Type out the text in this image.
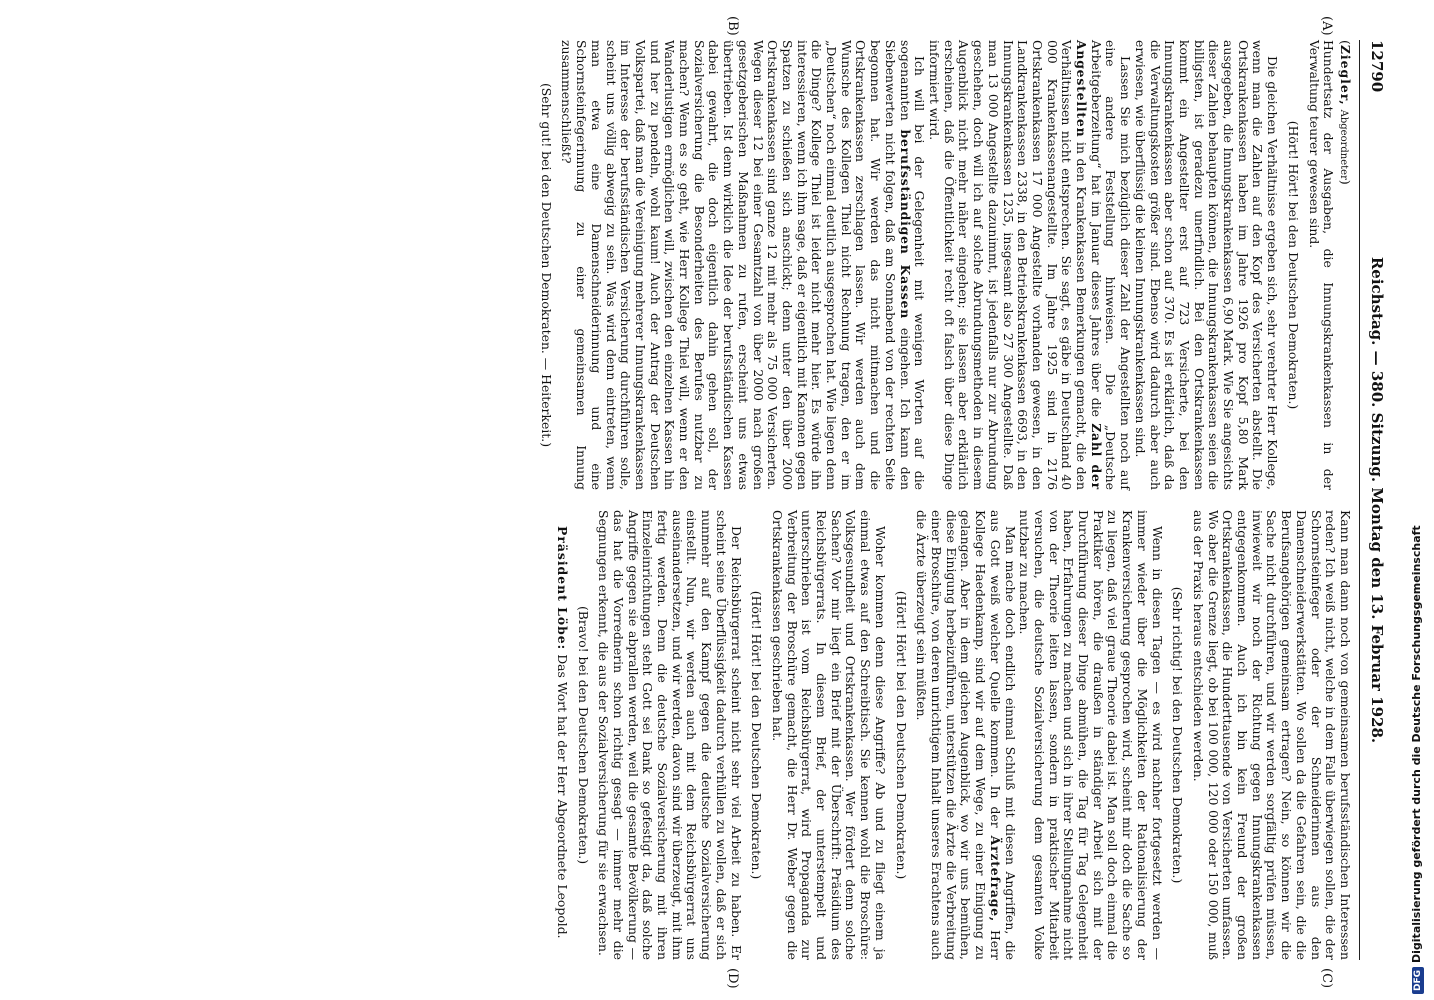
12790
Reichstag. — 380. Sitzung. Montag den 13. Februar 1928.
(A)
(B)
(C)
(D)

(Ziegler, Abgeordneter)

Hundertsatz der Ausgaben, die Innungskrankenkassen in der Verwaltung teurer gewesen sind.

(Hört! Hört! bei den Deutschen Demokraten.)

Die gleichen Verhältnisse ergeben sich, sehr verehrter Herr Kollege, wenn man die Zahlen auf den Kopf des Versicherten abstellt. Die Ortskrankenkassen haben im Jahre 1926 pro Kopf 5,80 Mark ausgegeben, die Innungskrankenkassen 6,90 Mark. Wie Sie angesichts dieser Zahlen behaupten können, die Innungskrankenkassen seien die billigsten, ist geradezu unerfindlich. Bei den Ortskrankenkassen kommt ein Angestellter erst auf 723 Versicherte, bei den Innungskrankenkassen aber schon auf 370. Es ist erklärlich, daß da die Verwaltungskosten größer sind. Ebenso wird dadurch aber auch erwiesen, wie überflüssig die kleinen Innungskrankenkassen sind.

Lassen Sie mich bezüglich dieser Zahl der Angestellten noch auf eine andere Feststellung hinweisen. Die „Deutsche Arbeitgeberzeitung“ hat im Januar dieses Jahres über die Zahl der Angestellten in den Krankenkassen Bemerkungen gemacht, die den Verhältnissen nicht entsprechen. Sie sagt, es gäbe in Deutschland 40 000 Krankenkassenangestellte. Im Jahre 1925 sind in 2176 Ortskrankenkassen 17 000 Angestellte vorhanden gewesen, in den Landkrankenkassen 2338, in den Betriebskrankenkassen 6693, in den Innungskrankenkassen 1235, insgesamt also 27 300 Angestellte. Daß man 13 000 Angestellte dazunimmt, ist jedenfalls nur zur Abrundung geschehen, doch will ich auf solche Abrundungsmethoden in diesem Augenblick nicht mehr näher eingehen; sie lassen aber erklärlich erscheinen, daß die Öffentlichkeit recht oft falsch über diese Dinge informiert wird.

Ich will bei der Gelegenheit mit wenigen Worten auf die sogenannten berufsständigen Kassen eingehen. Ich kann den Siebenwerten nicht folgen, daß am Sonnabend von der rechten Seite begonnen hat. Wir werden das nicht mitmachen und die Ortskrankenkassen zerschlagen lassen. Wir werden auch dem Wunsche des Kollegen Thiel nicht Rechnung tragen, den er im „Deutschen“ noch einmal deutlich ausgesprochen hat. Wie liegen denn die Dinge? Kollege Thiel ist leider nicht mehr hier. Es würde ihn interessieren, wenn ich ihm sage, daß er eigentlich mit Kanonen gegen Spatzen zu schießen sich anschickt; denn unter den über 2000 Ortskrankenkassen sind ganze 12 mit mehr als 75 000 Versicherten. Wegen dieser 12 bei einer Gesamtzahl von über 2000 nach großen gesetzgeberischen Maßnahmen zu rufen, erscheint uns etwas übertrieben. Ist denn wirklich die Idee der berufsständischen Kassen dabei gewahrt, die doch eigentlich dahin gehen soll, der Sozialversicherung die Besonderheiten des Berufes nutzbar zu machen? Wenn es so geht, wie Herr Kollege Thiel will, wenn er den Wanderlustigen ermöglichen will, zwischen den einzelnen Kassen hin und her zu pendeln, wohl kaum! Auch der Antrag der Deutschen Volkspartei, daß man die Vereinigung mehrerer Innungskrankenkassen im Interesse der berufsständischen Versicherung durchführen solle, scheint uns völlig abwegig zu sein. Was wird denn eintreten, wenn man etwa eine Damenschneiderinnung und eine Schornsteinfegerinnung zu einer gemeinsamen Innung zusammenschließt?

(Sehr gut! bei den Deutschen Demokraten. — Heiterkeit.)

Kann man dann noch von gemeinsamen berufsständischen Interessen reden? Ich weiß nicht, welche in dem Falle überwiegen sollen, die der Schornsteinfeger oder der Schneiderinnen aus den Damenschneiderwerkstätten. Wo sollen da die Gefahren sein, die die Berufsangehörigen gemeinsam ertragen? Nein, so können wir die Sache nicht durchführen, und wir werden sorgfältig prüfen müssen, inwieweit wir noch der Richtung gegen Innungskrankenkassen entgegenkommen. Auch ich bin kein Freund der großen Ortskrankenkassen, die Hunderttausende von Versicherten umfassen. Wo aber die Grenze liegt, ob bei 100 000, 120 000 oder 150 000, muß aus der Praxis heraus entschieden werden.

(Sehr richtig! bei den Deutschen Demokraten.)

Wenn in diesen Tagen — es wird nachher fortgesetzt werden — immer wieder über die Möglichkeiten der Rationalisierung der Krankenversicherung gesprochen wird, scheint mir doch die Sache so zu liegen, daß viel graue Theorie dabei ist. Man soll doch einmal die Praktiker hören, die draußen in ständiger Arbeit sich mit der Durchführung dieser Dinge abmühen, die Tag für Tag Gelegenheit haben, Erfahrungen zu machen und sich in ihrer Stellungnahme nicht von der Theorie leiten lassen, sondern in praktischer Mitarbeit versuchen, die deutsche Sozialversicherung dem gesamten Volke nutzbar zu machen.

Man mache doch endlich einmal Schluß mit diesen Angriffen, die aus Gott weiß welcher Quelle kommen. In der Ärztefrage, Herr Kollege Haedenkamp, sind wir auf dem Wege, zu einer Einigung zu gelangen. Aber in dem gleichen Augenblick, wo wir uns bemühen, diese Einigung herbeizuführen, unterstützen die Ärzte die Verbreitung einer Broschüre, von deren unrichtigem Inhalt unseres Erachtens auch die Ärzte überzeugt sein müßten.

(Hört! Hört! bei den Deutschen Demokraten.)

Woher kommen denn diese Angriffe? Ab und zu fliegt einem ja einmal etwas auf den Schreibtisch. Sie kennen wohl die Broschüre: Volksgesundheit und Ortskrankenkassen. Wer fördert denn solche Sachen? Vor mir liegt ein Brief mit der Überschrift: Präsidium des Reichsbürgerrats. In diesem Brief, der unterstempelt und unterschrieben ist vom Reichsbürgerrat, wird Propaganda zur Verbreitung der Broschüre gemacht, die Herr Dr. Weber gegen die Ortskrankenkassen geschrieben hat.

(Hört! Hört! bei den Deutschen Demokraten.)

Der Reichsbürgerrat scheint nicht sehr viel Arbeit zu haben. Er scheint seine Überflüssigkeit dadurch verhüllen zu wollen, daß er sich nunmehr auf den Kampf gegen die deutsche Sozialversicherung einstellt. Nun, wir werden auch mit dem Reichsbürgerrat uns auseinandersetzen, und wir werden, davon sind wir überzeugt, mit ihm fertig werden. Denn die deutsche Sozialversicherung mit ihren Einzeleinrichtungen steht Gott sei Dank so gefestigt da, daß solche Angriffe gegen sie abprallen werden, weil die gesamte Bevölkerung — das hat die Vorrednerin schon richtig gesagt — immer mehr die Segnungen erkennt, die aus der Sozialversicherung für sie erwachsen.

(Bravo! bei den Deutschen Demokraten.)

Präsident Löbe: Das Wort hat der Herr Abgeordnete Leopold.

DFGDigitalisierung gefördert durch die Deutsche Forschungsgemeinschaft
